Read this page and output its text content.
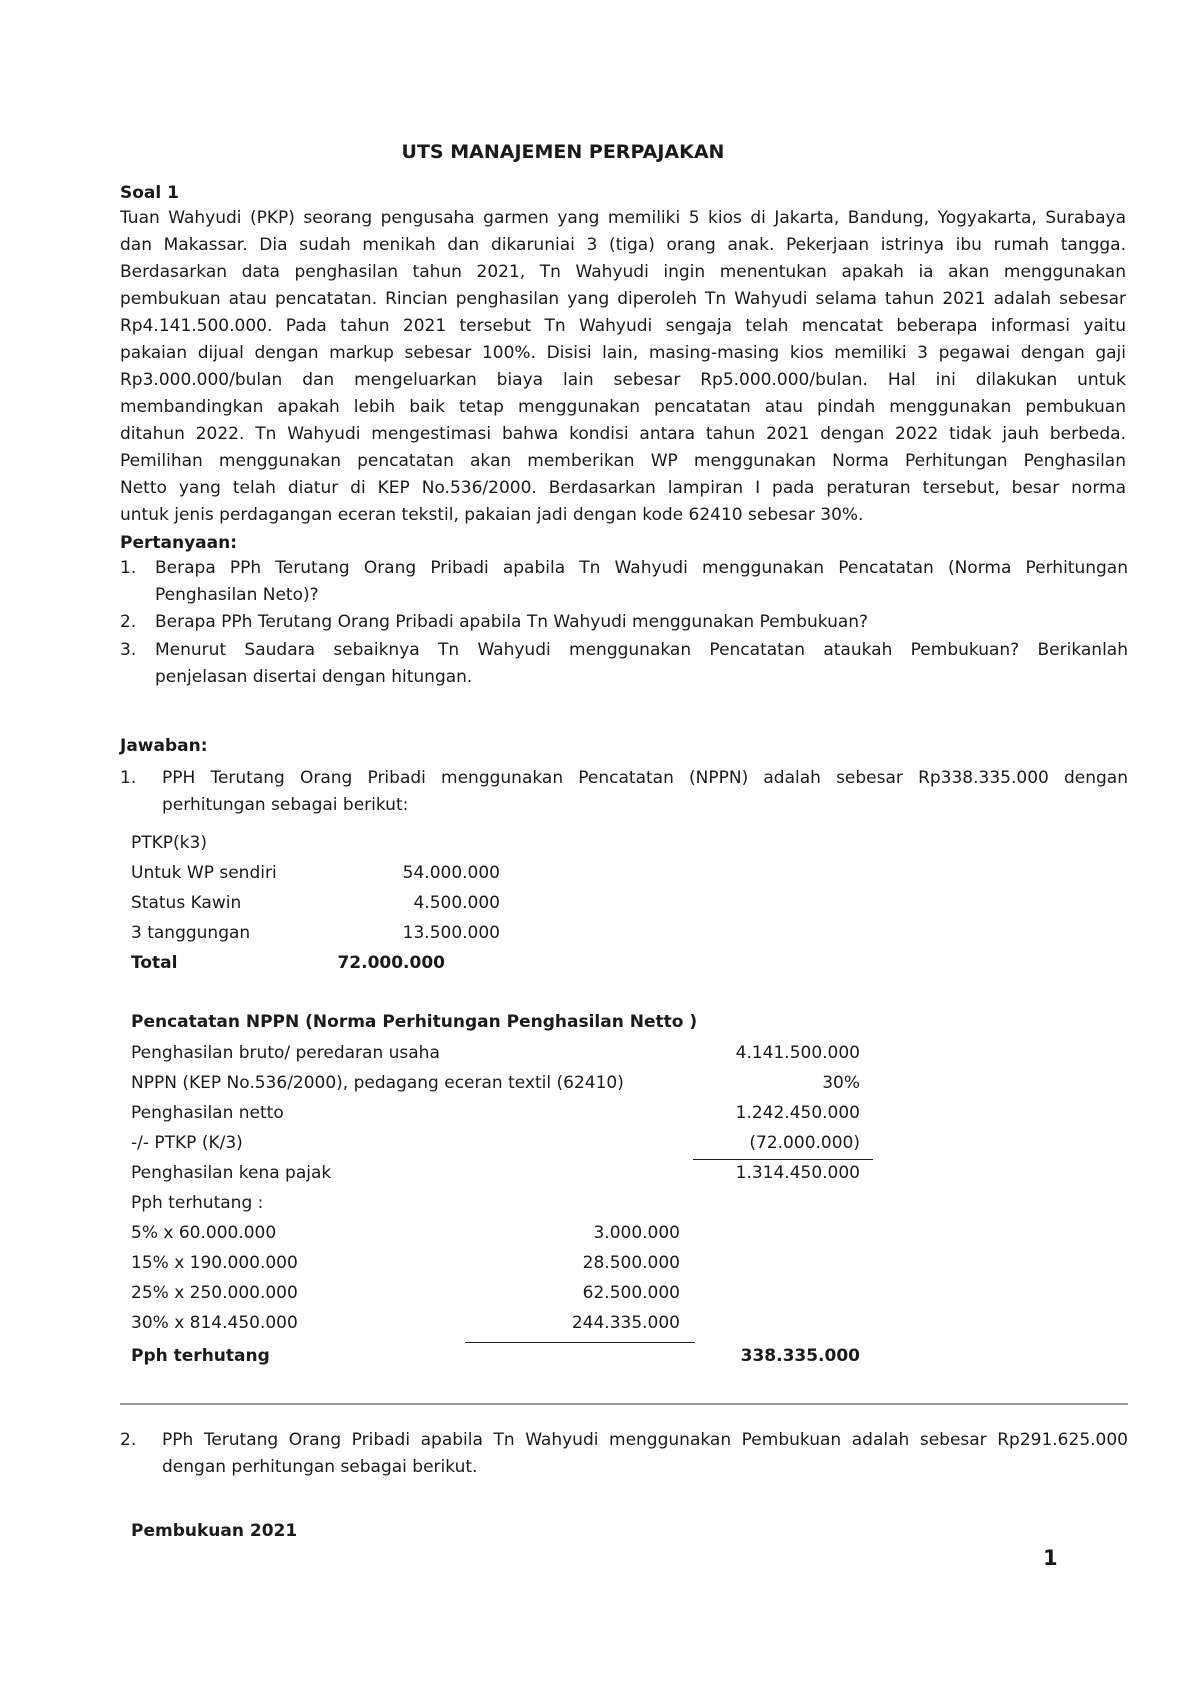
UTS MANAJEMEN PERPAJAKAN
Soal 1

Tuan Wahyudi (PKP) seorang pengusaha garmen yang memiliki 5 kios di Jakarta, Bandung, Yogyakarta, Surabaya

dan Makassar. Dia sudah menikah dan dikaruniai 3 (tiga) orang anak. Pekerjaan istrinya ibu rumah tangga.

Berdasarkan data penghasilan tahun 2021, Tn Wahyudi ingin menentukan apakah ia akan menggunakan

pembukuan atau pencatatan. Rincian penghasilan yang diperoleh Tn Wahyudi selama tahun 2021 adalah sebesar

Rp4.141.500.000. Pada tahun 2021 tersebut Tn Wahyudi sengaja telah mencatat beberapa informasi yaitu

pakaian dijual dengan markup sebesar 100%. Disisi lain, masing-masing kios memiliki 3 pegawai dengan gaji

Rp3.000.000/bulan dan mengeluarkan biaya lain sebesar Rp5.000.000/bulan. Hal ini dilakukan untuk

membandingkan apakah lebih baik tetap menggunakan pencatatan atau pindah menggunakan pembukuan

ditahun 2022. Tn Wahyudi mengestimasi bahwa kondisi antara tahun 2021 dengan 2022 tidak jauh berbeda.

Pemilihan menggunakan pencatatan akan memberikan WP menggunakan Norma Perhitungan Penghasilan

Netto yang telah diatur di KEP No.536/2000. Berdasarkan lampiran I pada peraturan tersebut, besar norma

untuk jenis perdagangan eceran tekstil, pakaian jadi dengan kode 62410 sebesar 30%.

Pertanyaan:
1. Berapa PPh Terutang Orang Pribadi apabila Tn Wahyudi menggunakan Pencatatan (Norma Perhitungan

Penghasilan Neto)?

2. Berapa PPh Terutang Orang Pribadi apabila Tn Wahyudi menggunakan Pembukuan?

3. Menurut Saudara sebaiknya Tn Wahyudi menggunakan Pencatatan ataukah Pembukuan? Berikanlah

penjelasan disertai dengan hitungan.

Jawaban:
1. PPH Terutang Orang Pribadi menggunakan Pencatatan (NPPN) adalah sebesar Rp338.335.000 dengan

perhitungan sebagai berikut:

PTKP(k3)
Untuk WP sendiri	54.000.000
Status Kawin	4.500.000
3 tanggungan	13.500.000
Total	72.000.000
Pencatatan NPPN (Norma Perhitungan Penghasilan Netto )
Penghasilan bruto/ peredaran usaha	4.141.500.000
NPPN (KEP No.536/2000), pedagang eceran textil (62410)	30%
Penghasilan netto	1.242.450.000
-/- PTKP (K/3)	(72.000.000)
Penghasilan kena pajak	1.314.450.000
Pph terhutang :
5% x 60.000.000	3.000.000
15% x 190.000.000	28.500.000
25% x 250.000.000	62.500.000
30% x 814.450.000	244.335.000
Pph terhutang	338.335.000
2. PPh Terutang Orang Pribadi apabila Tn Wahyudi menggunakan Pembukuan adalah sebesar Rp291.625.000

dengan perhitungan sebagai berikut.

Pembukuan 2021
1
